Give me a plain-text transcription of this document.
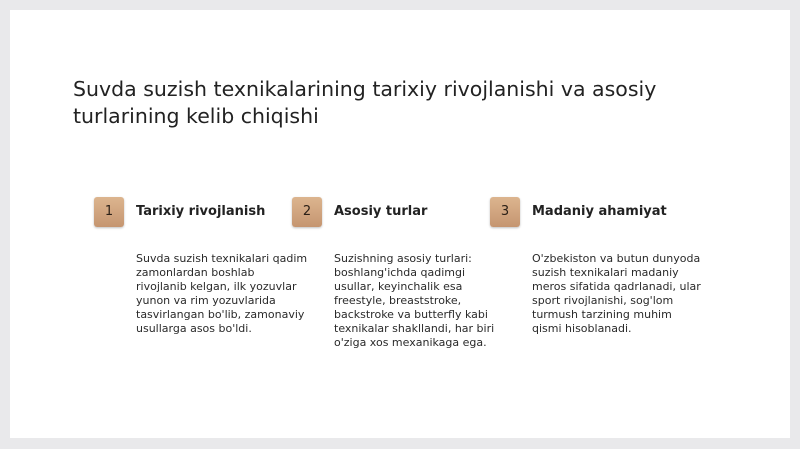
Suvda suzish texnikalarining tarixiy rivojlanishi va asosiy turlarining kelib chiqishi
1	Tarixiy rivojlanish
Suvda suzish texnikalari qadim zamonlardan boshlab rivojlanib kelgan, ilk yozuvlar yunon va rim yozuvlarida tasvirlangan bo'lib, zamonaviy usullarga asos bo'ldi.
2	Asosiy turlar
Suzishning asosiy turlari: boshlang'ichda qadimgi usullar, keyinchalik esa freestyle, breaststroke, backstroke va butterfly kabi texnikalar shakllandi, har biri o'ziga xos mexanikaga ega.
3	Madaniy ahamiyat
O'zbekiston va butun dunyoda suzish texnikalari madaniy meros sifatida qadrlanadi, ular sport rivojlanishi, sog'lom turmush tarzining muhim qismi hisoblanadi.
